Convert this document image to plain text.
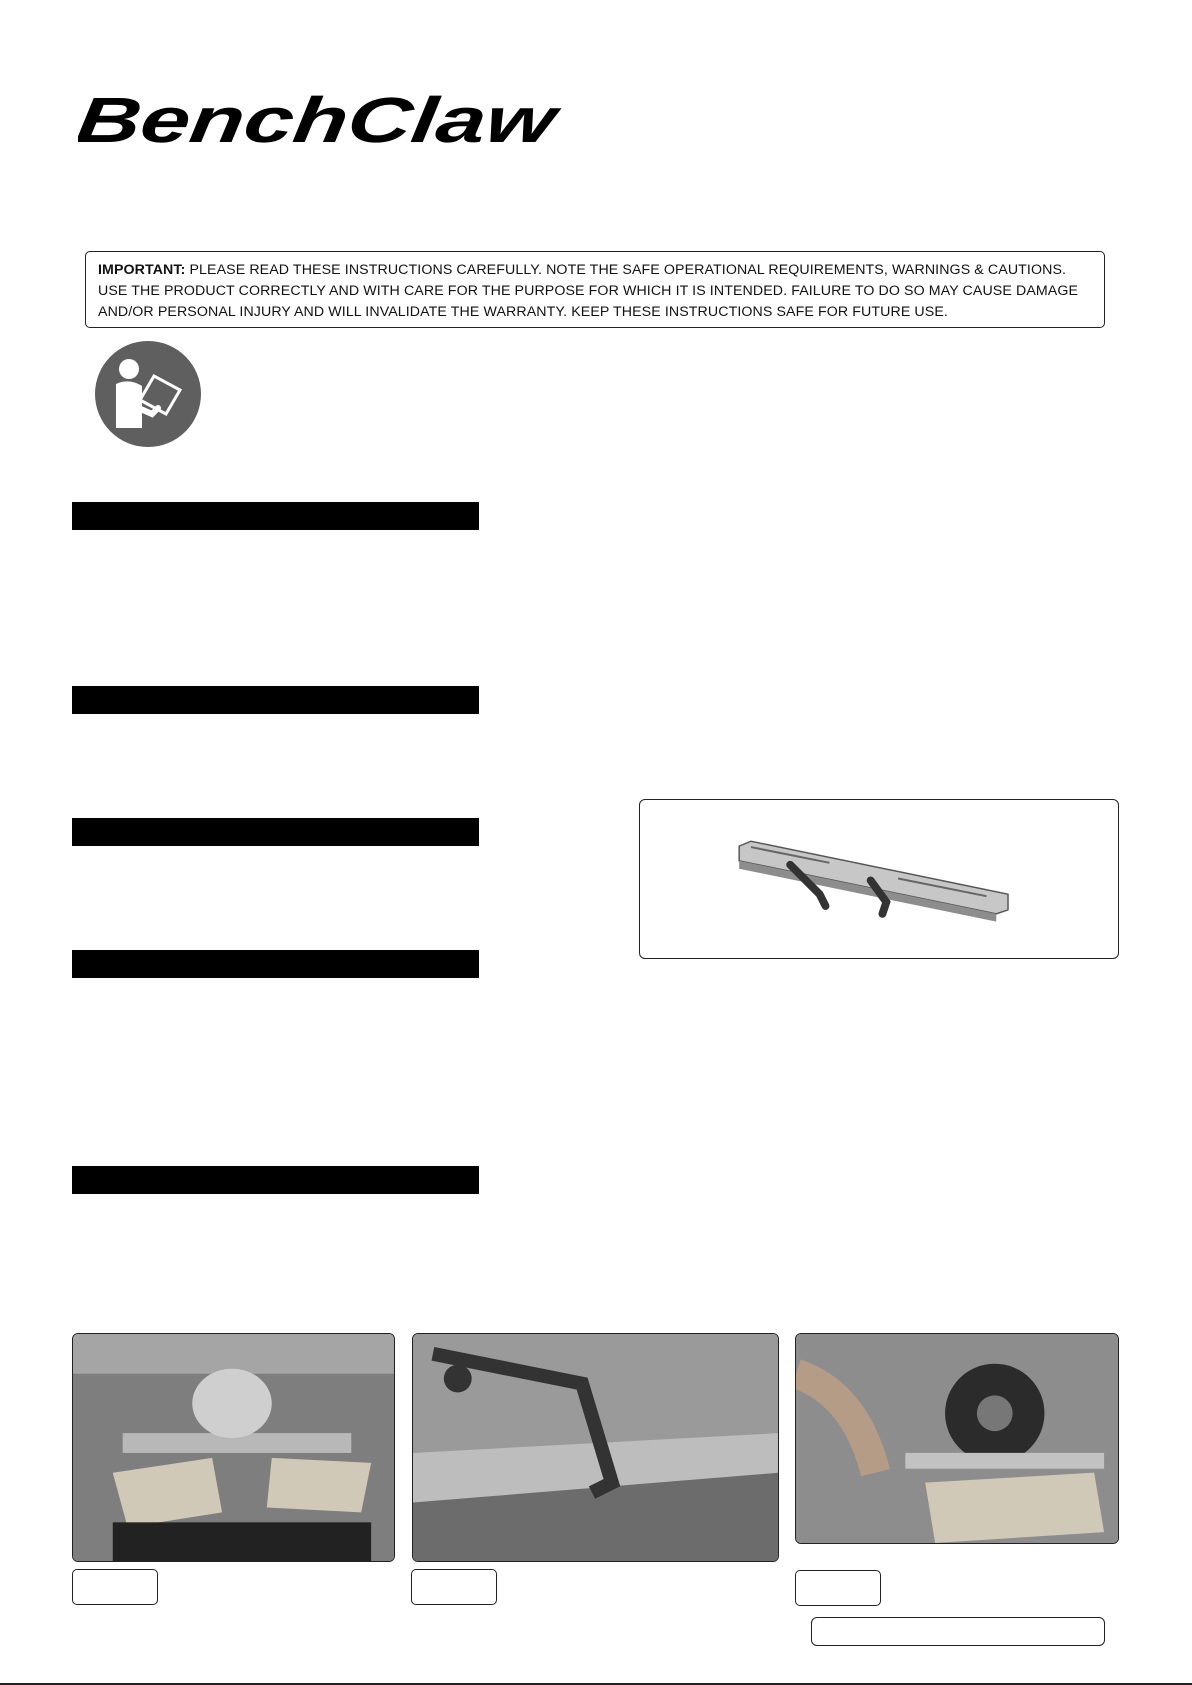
BenchClaw
IMPORTANT: PLEASE READ THESE INSTRUCTIONS CAREFULLY. NOTE THE SAFE OPERATIONAL REQUIREMENTS, WARNINGS & CAUTIONS. USE THE PRODUCT CORRECTLY AND WITH CARE FOR THE PURPOSE FOR WHICH IT IS INTENDED. FAILURE TO DO SO MAY CAUSE DAMAGE AND/OR PERSONAL INJURY AND WILL INVALIDATE THE WARRANTY. KEEP THESE INSTRUCTIONS SAFE FOR FUTURE USE.
